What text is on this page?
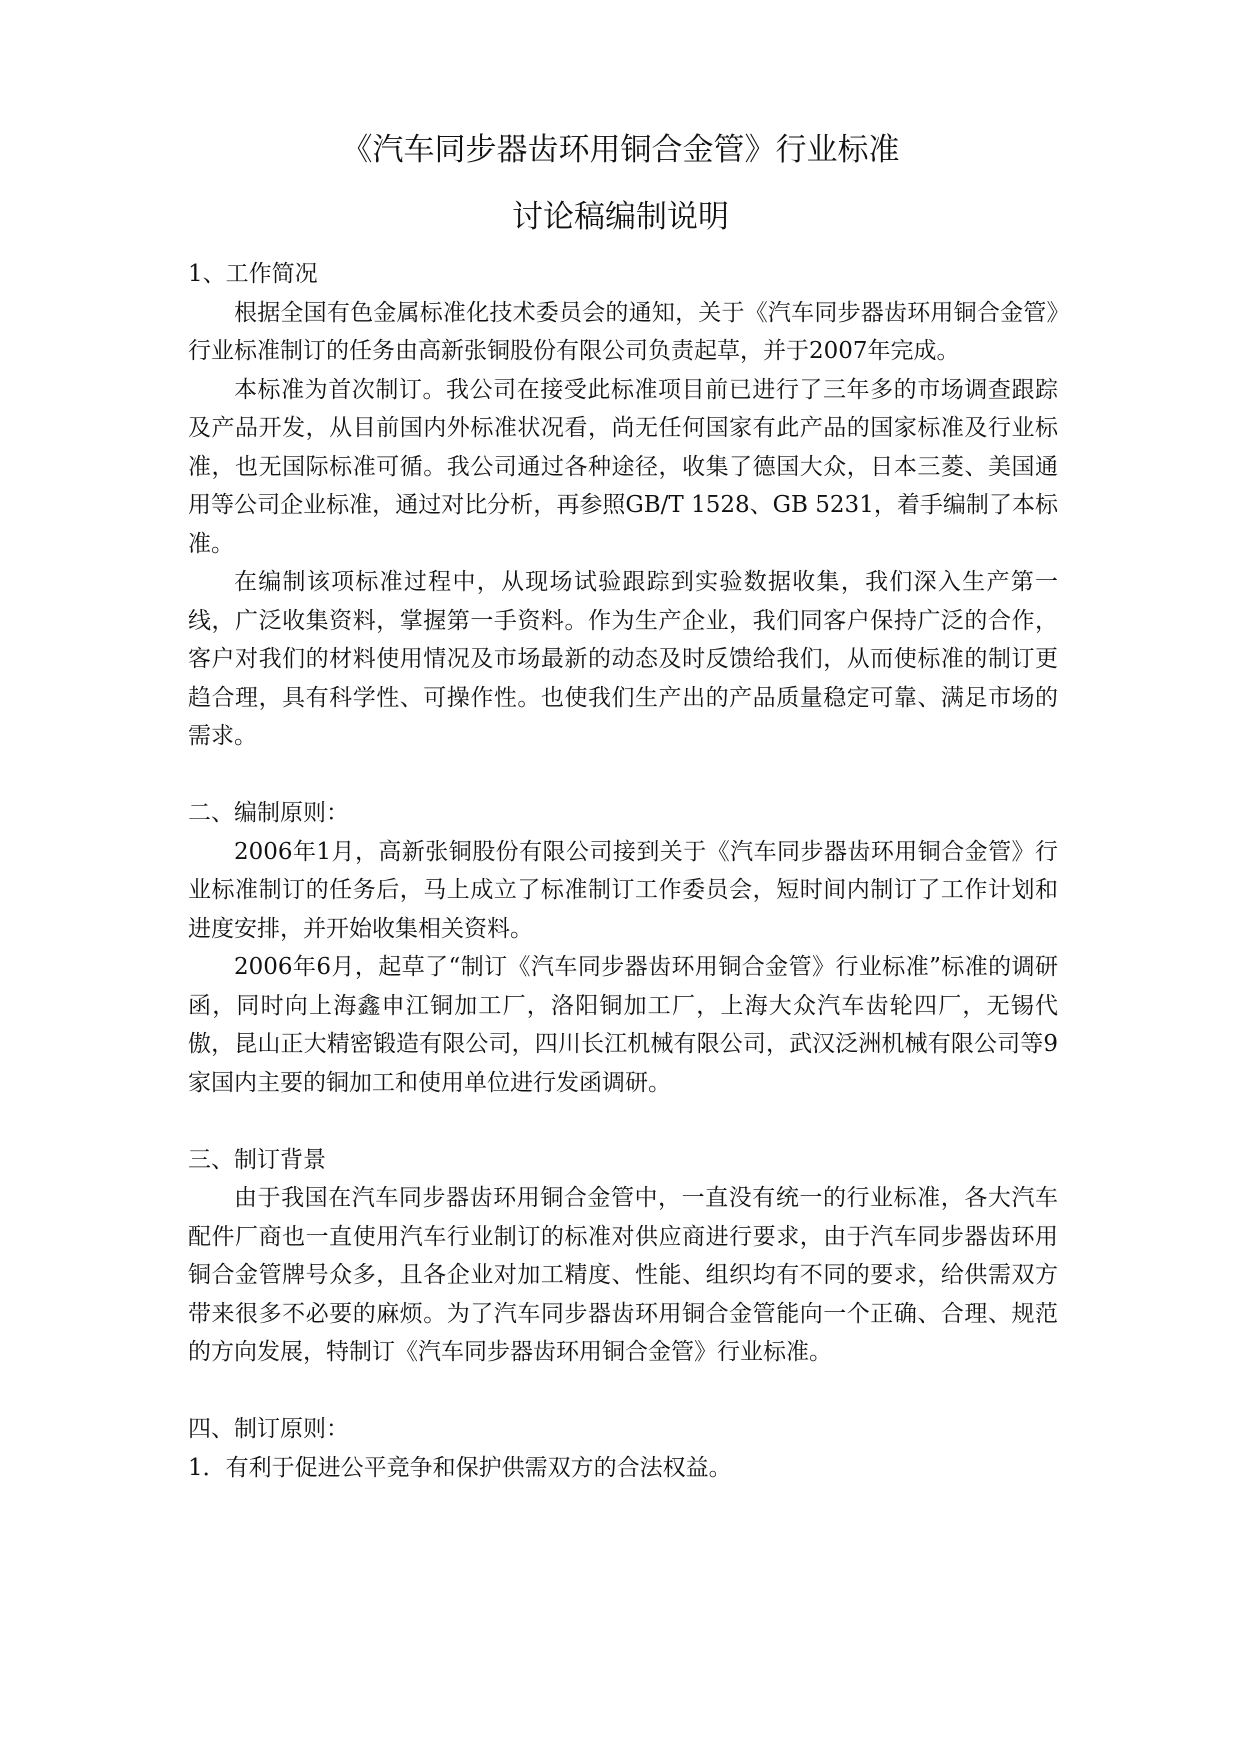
《汽车同步器齿环用铜合金管》行业标准
讨论稿编制说明

1、工作简况

根据全国有色金属标准化技术委员会的通知，关于《汽车同步器齿环用铜合金管》行业标准制订的任务由高新张铜股份有限公司负责起草，并于2007年完成。

本标准为首次制订。我公司在接受此标准项目前已进行了三年多的市场调查跟踪及产品开发，从目前国内外标准状况看，尚无任何国家有此产品的国家标准及行业标准，也无国际标准可循。我公司通过各种途径，收集了德国大众，日本三菱、美国通用等公司企业标准，通过对比分析，再参照GB/T 1528、GB 5231，着手编制了本标准。

在编制该项标准过程中，从现场试验跟踪到实验数据收集，我们深入生产第一线，广泛收集资料，掌握第一手资料。作为生产企业，我们同客户保持广泛的合作，客户对我们的材料使用情况及市场最新的动态及时反馈给我们，从而使标准的制订更趋合理，具有科学性、可操作性。也使我们生产出的产品质量稳定可靠、满足市场的需求。

二、编制原则：

2006年1月，高新张铜股份有限公司接到关于《汽车同步器齿环用铜合金管》行业标准制订的任务后，马上成立了标准制订工作委员会，短时间内制订了工作计划和进度安排，并开始收集相关资料。

2006年6月，起草了“制订《汽车同步器齿环用铜合金管》行业标准”标准的调研函，同时向上海鑫申江铜加工厂，洛阳铜加工厂，上海大众汽车齿轮四厂，无锡代傲，昆山正大精密锻造有限公司，四川长江机械有限公司，武汉泛洲机械有限公司等9家国内主要的铜加工和使用单位进行发函调研。

三、制订背景

由于我国在汽车同步器齿环用铜合金管中，一直没有统一的行业标准，各大汽车配件厂商也一直使用汽车行业制订的标准对供应商进行要求，由于汽车同步器齿环用铜合金管牌号众多，且各企业对加工精度、性能、组织均有不同的要求，给供需双方带来很多不必要的麻烦。为了汽车同步器齿环用铜合金管能向一个正确、合理、规范的方向发展，特制订《汽车同步器齿环用铜合金管》行业标准。

四、制订原则：

1．有利于促进公平竞争和保护供需双方的合法权益。
